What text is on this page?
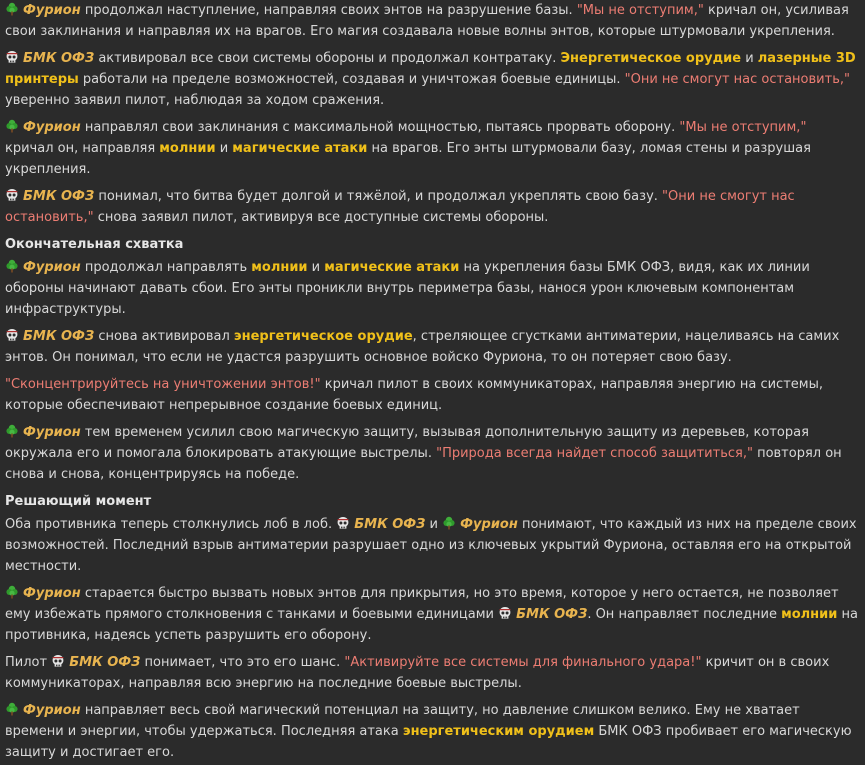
Фурион продолжал наступление, направляя своих энтов на разрушение базы. "Мы не отступим," кричал он, усиливая свои заклинания и направляя их на врагов. Его магия создавала новые волны энтов, которые штурмовали укрепления.
БМК ОФЗ активировал все свои системы обороны и продолжал контратаку. Энергетическое орудие и лазерные 3D принтеры работали на пределе возможностей, создавая и уничтожая боевые единицы. "Они не смогут нас остановить," уверенно заявил пилот, наблюдая за ходом сражения.
Фурион направлял свои заклинания с максимальной мощностью, пытаясь прорвать оборону. "Мы не отступим," кричал он, направляя молнии и магические атаки на врагов. Его энты штурмовали базу, ломая стены и разрушая укрепления.
БМК ОФЗ понимал, что битва будет долгой и тяжёлой, и продолжал укреплять свою базу. "Они не смогут нас остановить," снова заявил пилот, активируя все доступные системы обороны.
Окончательная схватка
Фурион продолжал направлять молнии и магические атаки на укрепления базы БМК ОФЗ, видя, как их линии обороны начинают давать сбои. Его энты проникли внутрь периметра базы, нанося урон ключевым компонентам инфраструктуры.
БМК ОФЗ снова активировал энергетическое орудие, стреляющее сгустками антиматерии, нацеливаясь на самих энтов. Он понимал, что если не удастся разрушить основное войско Фуриона, то он потеряет свою базу.
"Сконцентрируйтесь на уничтожении энтов!" кричал пилот в своих коммуникаторах, направляя энергию на системы, которые обеспечивают непрерывное создание боевых единиц.
Фурион тем временем усилил свою магическую защиту, вызывая дополнительную защиту из деревьев, которая окружала его и помогала блокировать атакующие выстрелы. "Природа всегда найдет способ защититься," повторял он снова и снова, концентрируясь на победе.
Решающий момент
Оба противника теперь столкнулись лоб в лоб.
БМК ОФЗ и
Фурион понимают, что каждый из них на пределе своих возможностей. Последний взрыв антиматерии разрушает одно из ключевых укрытий Фуриона, оставляя его на открытой местности.
Фурион старается быстро вызвать новых энтов для прикрытия, но это время, которое у него остается, не позволяет ему избежать прямого столкновения с танками и боевыми единицами
БМК ОФЗ. Он направляет последние молнии на противника, надеясь успеть разрушить его оборону.
Пилот
БМК ОФЗ понимает, что это его шанс. "Активируйте все системы для финального удара!" кричит он в своих коммуникаторах, направляя всю энергию на последние боевые выстрелы.
Фурион направляет весь свой магический потенциал на защиту, но давление слишком велико. Ему не хватает времени и энергии, чтобы удержаться. Последняя атака энергетическим орудием БМК ОФЗ пробивает его магическую защиту и достигает его.
